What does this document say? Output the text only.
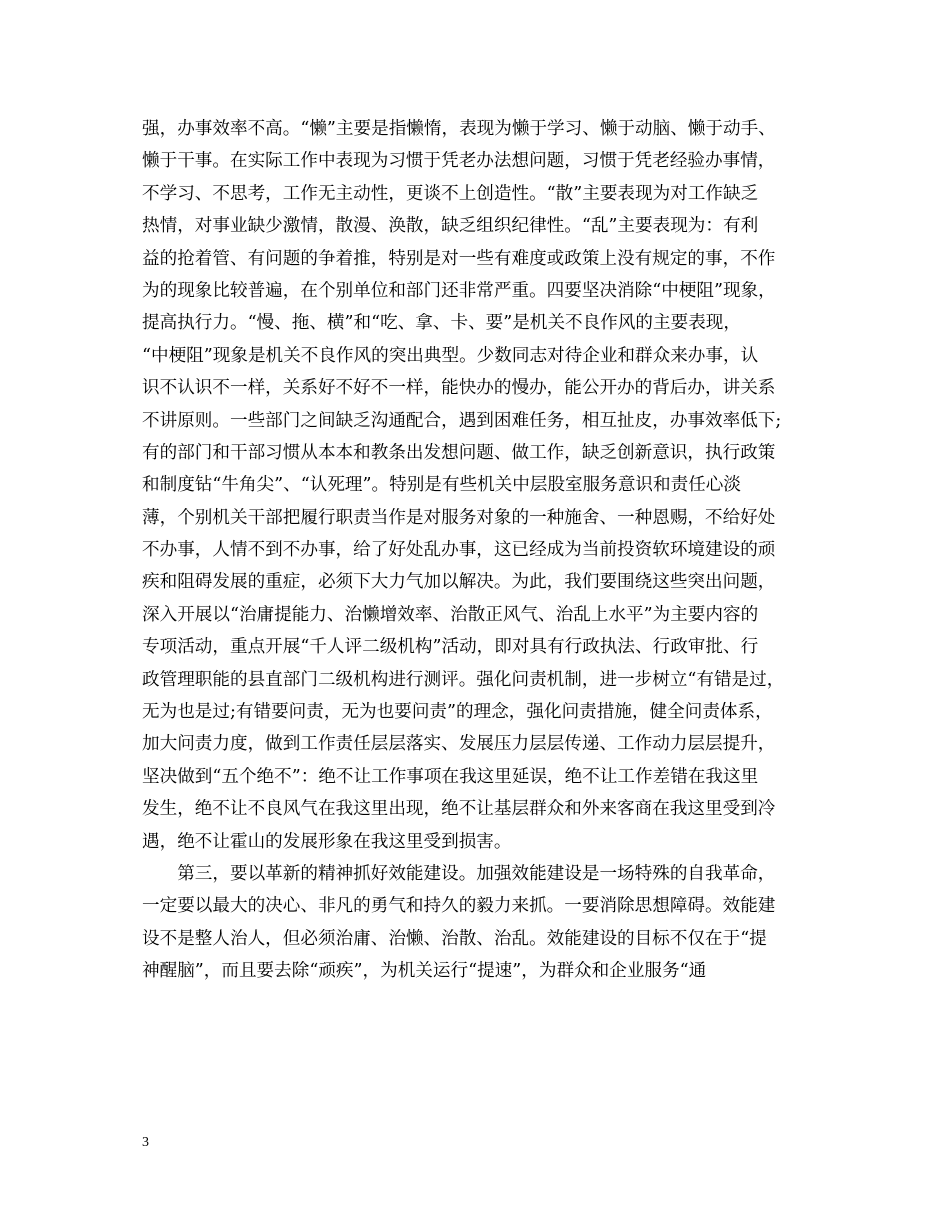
强，办事效率不高。“懒”主要是指懒惰，表现为懒于学习、懒于动脑、懒于动手、
懒于干事。在实际工作中表现为习惯于凭老办法想问题，习惯于凭老经验办事情，
不学习、不思考，工作无主动性，更谈不上创造性。“散”主要表现为对工作缺乏
热情，对事业缺少激情，散漫、涣散，缺乏组织纪律性。“乱”主要表现为：有利
益的抢着管、有问题的争着推，特别是对一些有难度或政策上没有规定的事，不作
为的现象比较普遍，在个别单位和部门还非常严重。四要坚决消除“中梗阻”现象，
提高执行力。“慢、拖、横”和“吃、拿、卡、要”是机关不良作风的主要表现，
“中梗阻”现象是机关不良作风的突出典型。少数同志对待企业和群众来办事，认
识不认识不一样，关系好不好不一样，能快办的慢办，能公开办的背后办，讲关系
不讲原则。一些部门之间缺乏沟通配合，遇到困难任务，相互扯皮，办事效率低下;
有的部门和干部习惯从本本和教条出发想问题、做工作，缺乏创新意识，执行政策
和制度钻“牛角尖”、“认死理”。特别是有些机关中层股室服务意识和责任心淡
薄，个别机关干部把履行职责当作是对服务对象的一种施舍、一种恩赐，不给好处
不办事，人情不到不办事，给了好处乱办事，这已经成为当前投资软环境建设的顽
疾和阻碍发展的重症，必须下大力气加以解决。为此，我们要围绕这些突出问题，
深入开展以“治庸提能力、治懒增效率、治散正风气、治乱上水平”为主要内容的
专项活动，重点开展“千人评二级机构”活动，即对具有行政执法、行政审批、行
政管理职能的县直部门二级机构进行测评。强化问责机制，进一步树立“有错是过，
无为也是过;有错要问责，无为也要问责”的理念，强化问责措施，健全问责体系，
加大问责力度，做到工作责任层层落实、发展压力层层传递、工作动力层层提升，
坚决做到“五个绝不”：绝不让工作事项在我这里延误，绝不让工作差错在我这里
发生，绝不让不良风气在我这里出现，绝不让基层群众和外来客商在我这里受到冷
遇，绝不让霍山的发展形象在我这里受到损害。
　　第三，要以革新的精神抓好效能建设。加强效能建设是一场特殊的自我革命，
一定要以最大的决心、非凡的勇气和持久的毅力来抓。一要消除思想障碍。效能建
设不是整人治人，但必须治庸、治懒、治散、治乱。效能建设的目标不仅在于“提
神醒脑”，而且要去除“顽疾”，为机关运行“提速”，为群众和企业服务“通
3
